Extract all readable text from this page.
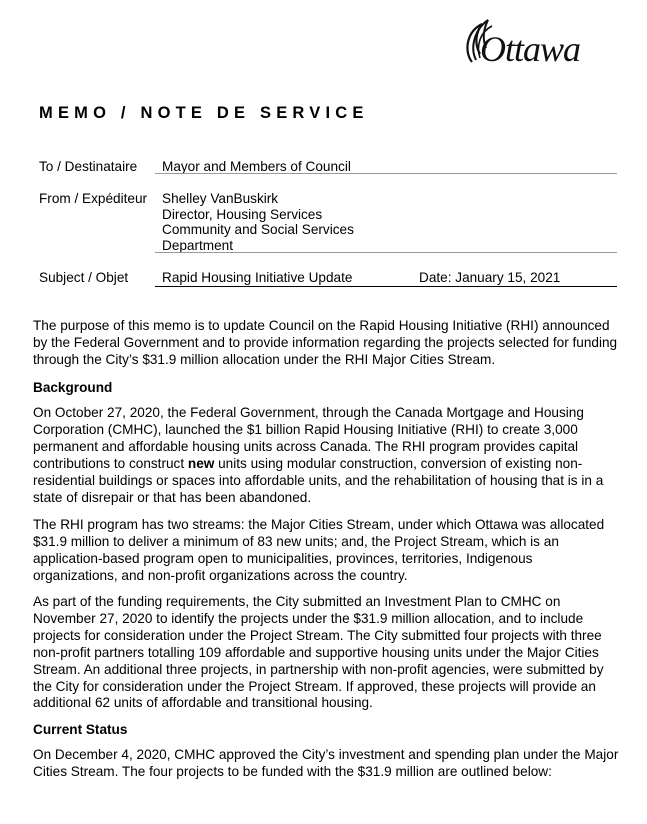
Ottawa
MEMO / NOTE DE SERVICE
To / Destinataire Mayor and Members of Council
From / Expéditeur Shelley VanBuskirk
Director, Housing Services
Community and Social Services
Department
Subject / Objet Rapid Housing Initiative Update	Date: January 15, 2021
The purpose of this memo is to update Council on the Rapid Housing Initiative (RHI) announced
by the Federal Government and to provide information regarding the projects selected for funding
through the City’s $31.9 million allocation under the RHI Major Cities Stream.
Background
On October 27, 2020, the Federal Government, through the Canada Mortgage and Housing
Corporation (CMHC), launched the $1 billion Rapid Housing Initiative (RHI) to create 3,000
permanent and affordable housing units across Canada. The RHI program provides capital
contributions to construct new units using modular construction, conversion of existing non-
residential buildings or spaces into affordable units, and the rehabilitation of housing that is in a
state of disrepair or that has been abandoned.
The RHI program has two streams: the Major Cities Stream, under which Ottawa was allocated
$31.9 million to deliver a minimum of 83 new units; and, the Project Stream, which is an
application-based program open to municipalities, provinces, territories, Indigenous
organizations, and non-profit organizations across the country.
As part of the funding requirements, the City submitted an Investment Plan to CMHC on
November 27, 2020 to identify the projects under the $31.9 million allocation, and to include
projects for consideration under the Project Stream. The City submitted four projects with three
non-profit partners totalling 109 affordable and supportive housing units under the Major Cities
Stream. An additional three projects, in partnership with non-profit agencies, were submitted by
the City for consideration under the Project Stream. If approved, these projects will provide an
additional 62 units of affordable and transitional housing.
Current Status
On December 4, 2020, CMHC approved the City’s investment and spending plan under the Major
Cities Stream. The four projects to be funded with the $31.9 million are outlined below:
